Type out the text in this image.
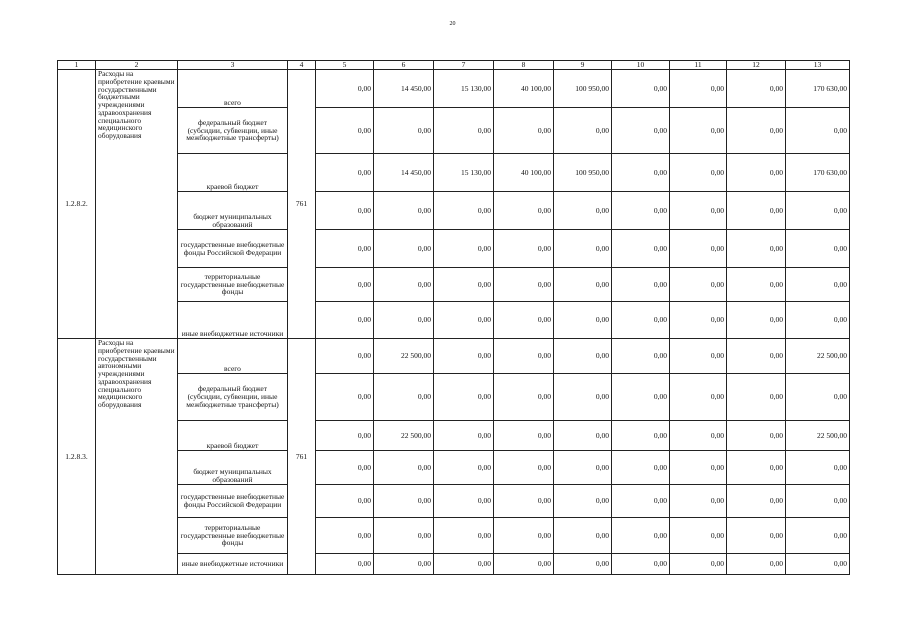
20
1	2	3	4	5	6	7	8	9	10	11	12	13
1.2.8.2.	Расходы на приобретение краевыми государственными бюджетными учреждениями здравоохранения специального медицинского оборудования	всего	761	0,00	14 450,00	15 130,00	40 100,00	100 950,00	0,00	0,00	0,00	170 630,00
		федеральный бюджет (субсидии, субвенции, иные межбюджетные трансферты)		0,00	0,00	0,00	0,00	0,00	0,00	0,00	0,00	0,00
		краевой бюджет		0,00	14 450,00	15 130,00	40 100,00	100 950,00	0,00	0,00	0,00	170 630,00
		бюджет муниципальных образований		0,00	0,00	0,00	0,00	0,00	0,00	0,00	0,00	0,00
		государственные внебюджетные фонды Российской Федерации		0,00	0,00	0,00	0,00	0,00	0,00	0,00	0,00	0,00
		территориальные государственные внебюджетные фонды		0,00	0,00	0,00	0,00	0,00	0,00	0,00	0,00	0,00
		иные внебюджетные источники		0,00	0,00	0,00	0,00	0,00	0,00	0,00	0,00	0,00
1.2.8.3.	Расходы на приобретение краевыми государственными автономными учреждениями здравоохранения специального медицинского оборудования	всего	761	0,00	22 500,00	0,00	0,00	0,00	0,00	0,00	0,00	22 500,00
		федеральный бюджет (субсидии, субвенции, иные межбюджетные трансферты)		0,00	0,00	0,00	0,00	0,00	0,00	0,00	0,00	0,00
		краевой бюджет		0,00	22 500,00	0,00	0,00	0,00	0,00	0,00	0,00	22 500,00
		бюджет муниципальных образований		0,00	0,00	0,00	0,00	0,00	0,00	0,00	0,00	0,00
		государственные внебюджетные фонды Российской Федерации		0,00	0,00	0,00	0,00	0,00	0,00	0,00	0,00	0,00
		территориальные государственные внебюджетные фонды		0,00	0,00	0,00	0,00	0,00	0,00	0,00	0,00	0,00
		иные внебюджетные источники		0,00	0,00	0,00	0,00	0,00	0,00	0,00	0,00	0,00
